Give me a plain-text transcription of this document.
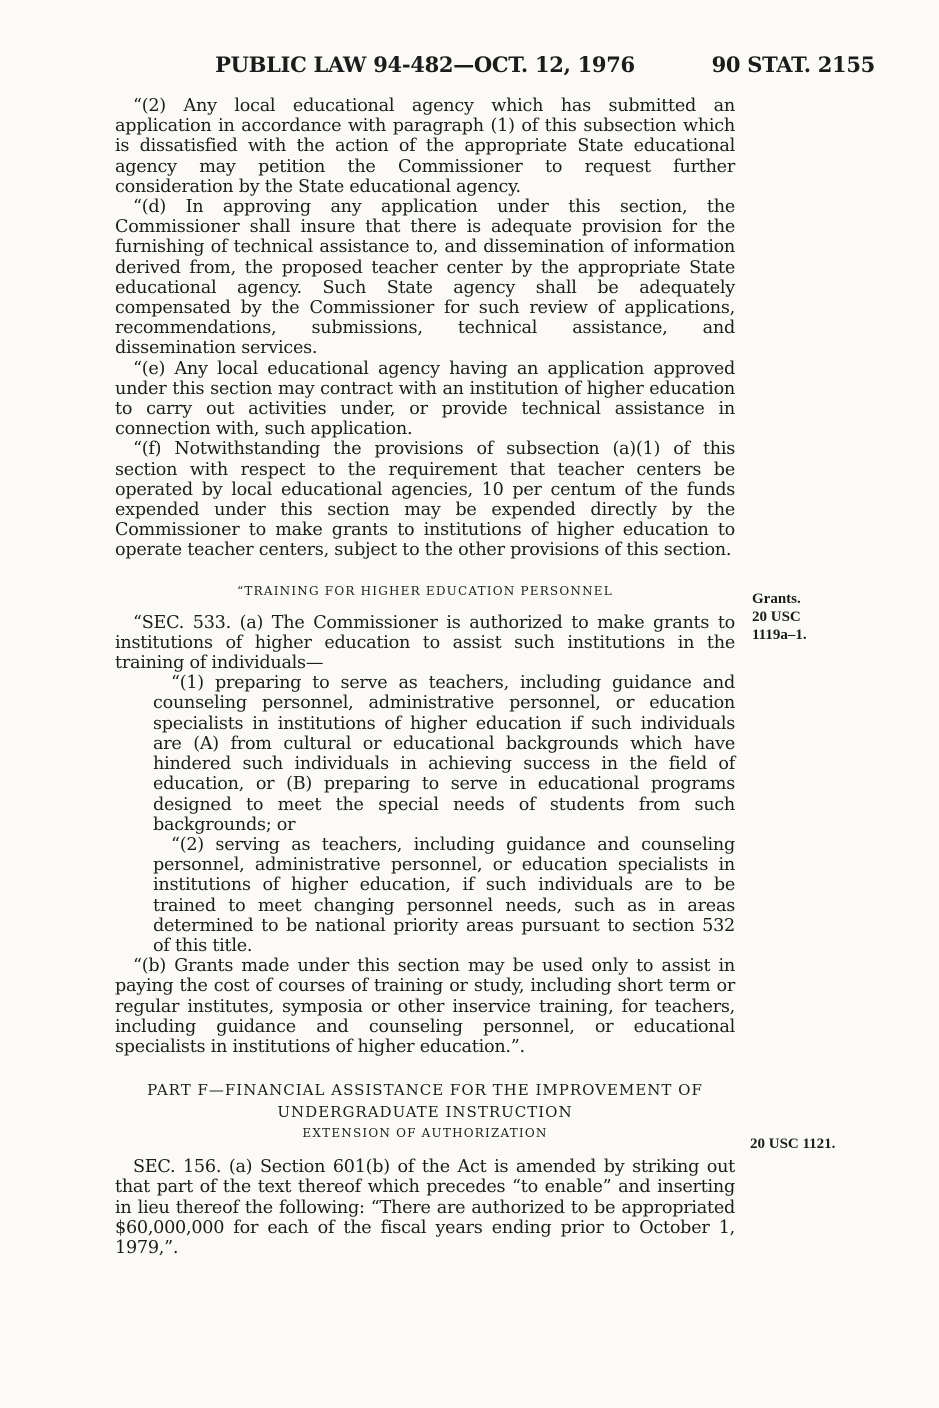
PUBLIC LAW 94-482—OCT. 12, 1976	90 STAT. 2155

“(2) Any local educational agency which has submitted an application in accordance with paragraph (1) of this subsection which is dissatisfied with the action of the appropriate State educational agency may petition the Commissioner to request further consideration by the State educational agency.

“(d) In approving any application under this section, the Commissioner shall insure that there is adequate provision for the furnishing of technical assistance to, and dissemination of information derived from, the proposed teacher center by the appropriate State educational agency. Such State agency shall be adequately compensated by the Commissioner for such review of applications, recommendations, submissions, technical assistance, and dissemination services.

“(e) Any local educational agency having an application approved under this section may contract with an institution of higher education to carry out activities under, or provide technical assistance in connection with, such application.

“(f) Notwithstanding the provisions of subsection (a)(1) of this section with respect to the requirement that teacher centers be operated by local educational agencies, 10 per centum of the funds expended under this section may be expended directly by the Commissioner to make grants to institutions of higher education to operate teacher centers, subject to the other provisions of this section.

“TRAINING FOR HIGHER EDUCATION PERSONNEL

“SEC. 533. (a) The Commissioner is authorized to make grants to institutions of higher education to assist such institutions in the training of individuals—

“(1) preparing to serve as teachers, including guidance and counseling personnel, administrative personnel, or education specialists in institutions of higher education if such individuals are (A) from cultural or educational backgrounds which have hindered such individuals in achieving success in the field of education, or (B) preparing to serve in educational programs designed to meet the special needs of students from such backgrounds; or

“(2) serving as teachers, including guidance and counseling personnel, administrative personnel, or education specialists in institutions of higher education, if such individuals are to be trained to meet changing personnel needs, such as in areas determined to be national priority areas pursuant to section 532 of this title.

“(b) Grants made under this section may be used only to assist in paying the cost of courses of training or study, including short term or regular institutes, symposia or other inservice training, for teachers, including guidance and counseling personnel, or educational specialists in institutions of higher education.”.

PART F—FINANCIAL ASSISTANCE FOR THE IMPROVEMENT OF

UNDERGRADUATE INSTRUCTION

EXTENSION OF AUTHORIZATION

SEC. 156. (a) Section 601(b) of the Act is amended by striking out that part of the text thereof which precedes “to enable” and inserting in lieu thereof the following: “There are authorized to be appropriated $60,000,000 for each of the fiscal years ending prior to October 1, 1979,”.

Grants.
20 USC
1119a–1.
20 USC 1121.
